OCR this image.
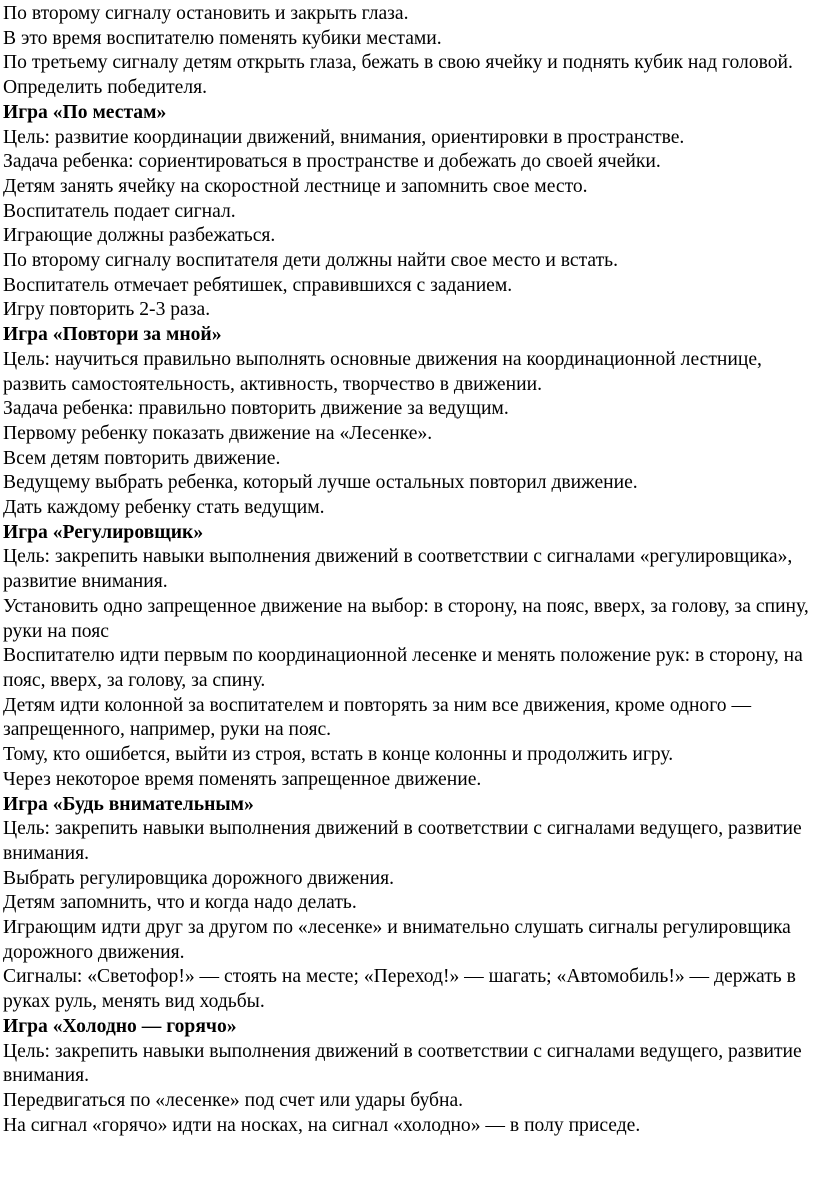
По второму сигналу остановить и закрыть глаза.

В это время воспитателю поменять кубики местами.

По третьему сигналу детям открыть глаза, бежать в свою ячейку и поднять кубик над головой.

Определить победителя.

Игра «По местам»

Цель: развитие координации движений, внимания, ориентировки в пространстве.

Задача ребенка: сориентироваться в пространстве и добежать до своей ячейки.

Детям занять ячейку на скоростной лестнице и запомнить свое место.

Воспитатель подает сигнал.

Играющие должны разбежаться.

По второму сигналу воспитателя дети должны найти свое место и встать.

Воспитатель отмечает ребятишек, справившихся с заданием.

Игру повторить 2-3 раза.

Игра «Повтори за мной»

Цель: научиться правильно выполнять основные движения на координационной лестнице, развить самостоятельность, активность, творчество в движении.

Задача ребенка: правильно повторить движение за ведущим.

Первому ребенку показать движение на «Лесенке».

Всем детям повторить движение.

Ведущему выбрать ребенка, который лучше остальных повторил движение.

Дать каждому ребенку стать ведущим.

Игра «Регулировщик»

Цель: закрепить навыки выполнения движений в соответствии с сигналами «регулировщика», развитие внимания.

Установить одно запрещенное движение на выбор: в сторону, на пояс, вверх, за голову, за спину, руки на пояс

Воспитателю идти первым по координационной лесенке и менять положение рук: в сторону, на пояс, вверх, за голову, за спину.

Детям идти колонной за воспитателем и повторять за ним все движения, кроме одного — запрещенного, например, руки на пояс.

Тому, кто ошибется, выйти из строя, встать в конце колонны и продолжить игру.

Через некоторое время поменять запрещенное движение.

Игра «Будь внимательным»

Цель: закрепить навыки выполнения движений в соответствии с сигналами ведущего, развитие внимания.

Выбрать регулировщика дорожного движения.

Детям запомнить, что и когда надо делать.

Играющим идти друг за другом по «лесенке» и внимательно слушать сигналы регулировщика дорожного движения.

Сигналы: «Светофор!» — стоять на месте; «Переход!» — шагать; «Автомобиль!» — держать в руках руль, менять вид ходьбы.

Игра «Холодно — горячо»

Цель: закрепить навыки выполнения движений в соответствии с сигналами ведущего, развитие внимания.

Передвигаться по «лесенке» под счет или удары бубна.

На сигнал «горячо» идти на носках, на сигнал «холодно» — в полу приседе.
